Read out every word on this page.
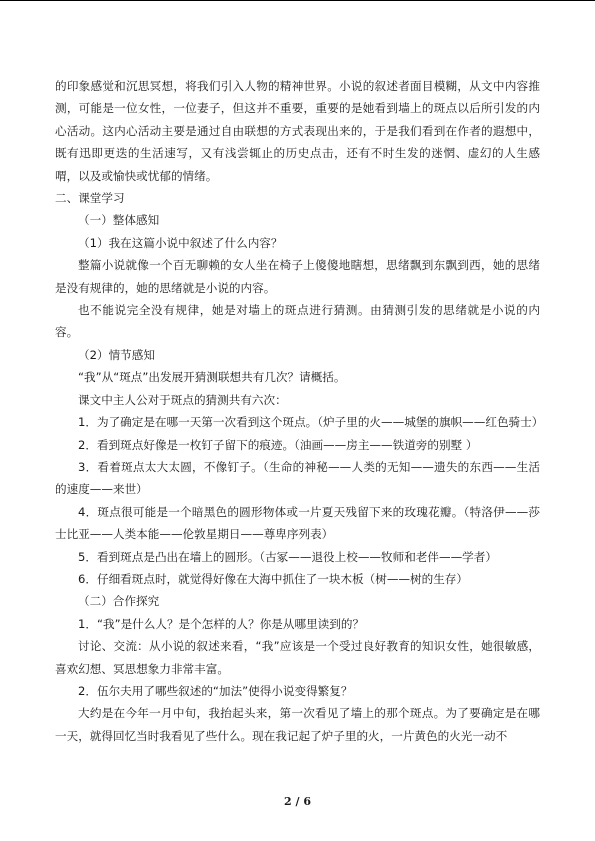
的印象感觉和沉思冥想，将我们引入人物的精神世界。小说的叙述者面目模糊，从文中内容推测，可能是一位女性，一位妻子，但这并不重要，重要的是她看到墙上的斑点以后所引发的内心活动。这内心活动主要是通过自由联想的方式表现出来的，于是我们看到在作者的遐想中，既有迅即更迭的生活速写，又有浅尝辄止的历史点击，还有不时生发的迷惘、虚幻的人生感喟，以及或愉快或忧郁的情绪。

二、课堂学习

（一）整体感知

（1）我在这篇小说中叙述了什么内容？

整篇小说就像一个百无聊赖的女人坐在椅子上傻傻地瞎想，思绪飘到东飘到西，她的思绪是没有规律的，她的思绪就是小说的内容。

也不能说完全没有规律，她是对墙上的斑点进行猜测。由猜测引发的思绪就是小说的内容。

（2）情节感知

“我”从“斑点”出发展开猜测联想共有几次？请概括。

课文中主人公对于斑点的猜测共有六次：

1．为了确定是在哪一天第一次看到这个斑点。（炉子里的火——城堡的旗帜——红色骑士）

2．看到斑点好像是一枚钉子留下的痕迹。（油画——房主——铁道旁的别墅 ）

3．看着斑点太大太圆，不像钉子。（生命的神秘——人类的无知——遗失的东西——生活的速度——来世）

4．斑点很可能是一个暗黑色的圆形物体或一片夏天残留下来的玫瑰花瓣。（特洛伊——莎士比亚——人类本能——伦敦星期日——尊卑序列表）

5．看到斑点是凸出在墙上的圆形。（古冢——退役上校——牧师和老伴——学者）

6．仔细看斑点时，就觉得好像在大海中抓住了一块木板（树——树的生存）

（二）合作探究

1．“我”是什么人？是个怎样的人？你是从哪里读到的？

讨论、交流：从小说的叙述来看，“我”应该是一个受过良好教育的知识女性，她很敏感，喜欢幻想、冥思想象力非常丰富。

2．伍尔夫用了哪些叙述的“加法”使得小说变得繁复？

大约是在今年一月中旬，我抬起头来，第一次看见了墙上的那个斑点。为了要确定是在哪一天，就得回忆当时我看见了些什么。现在我记起了炉子里的火，一片黄色的火光一动不

2 / 6
